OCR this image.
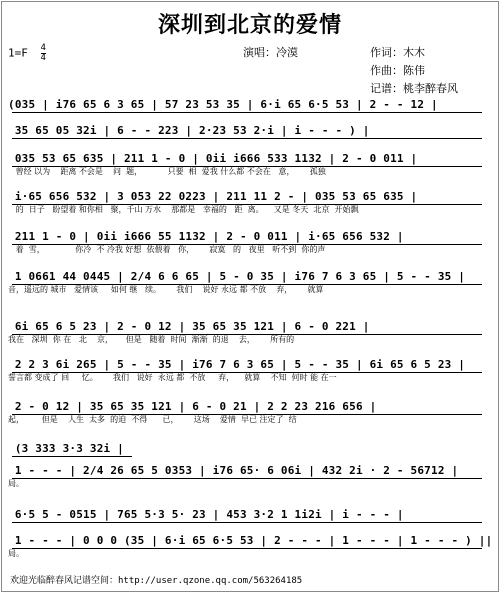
深圳到北京的爱情
$1=F \frac{4}{4}$	演唱：冷漠	作词：木木
作曲：陈伟
记谱：桃李醉春风
(035 | i76 65 6 3 65 | 57 23 53 35 | 6·i 65 6·5 53 | 2 - - 12 |
35 65 05 32i | 6 - - 223 | 2·23 53 2·i | i - - - ) |
035 53 65 635 | 211 1 - 0 | 0ii i666 533 1132 | 2 - 0 011 |
曾经 以为    距离 不会是    问  题，          只要  相  爱我 什么都 不会在   意，      孤独
i·65 656 532 | 3 053 22 0223 | 211 11 2 - | 035 53 65 635 |
的  日子   盼望着 和你相   聚，千山 万水    那都是   幸福的   距  离。    又是 冬天  北京  开始飘
211 1 - 0 | 0ii i666 55 1132 | 2 - 0 011 | i·65 656 532 |
着  雪，            你冷  不 冷我 好想  依偎着   你，      寂寞   的   夜里   听不到  你的声
1 0661 44 0445 | 2/4 6 6 65 | 5 - 0 35 | i76 7 6 3 65 | 5 - - 35 |
音，遥远的 城市   爱情该     如何 继   续。      我们    说好 永远 都 不放    弃，      就算
6i 65 6 5 23 | 2 - 0 12 | 35 65 35 121 | 6 - 0 221 |
我在   深圳  你 在   北    京，     但是   随着  时间  渐渐  的退    去，      所有的
2 2 3 6i 265 | 5 - - 35 | i76 7 6 3 65 | 5 - - 35 | 6i 65 6 5 23 |
誓言都 变成了 回     忆。      我们   说好  永远 都  不放     弃，    就算    不知  何时 能 在一
2 - 0 12 | 35 65 35 121 | 6 - 0 21 | 2 2 23 216 656 |
起，       但是    人生  太多  的迫  不得      已，      这场    爱情  早已 注定了  结
(3 333 3·3 32i |
1 - - - | 2/4 26 65 5 0353 | i76 65· 6 06i | 432 2i · 2 - 56712 |
局。
6·5 5 - 0515 | 765 5·3 5· 23 | 453 3·2 1 1i2i | i - - - |
1 - - - | 0 0 0 (35 | 6·i 65 6·5 53 | 2 - - - | 1 - - - | 1 - - - ) ||
局。
欢迎光临醉春风记谱空间：http://user.qzone.qq.com/563264185
